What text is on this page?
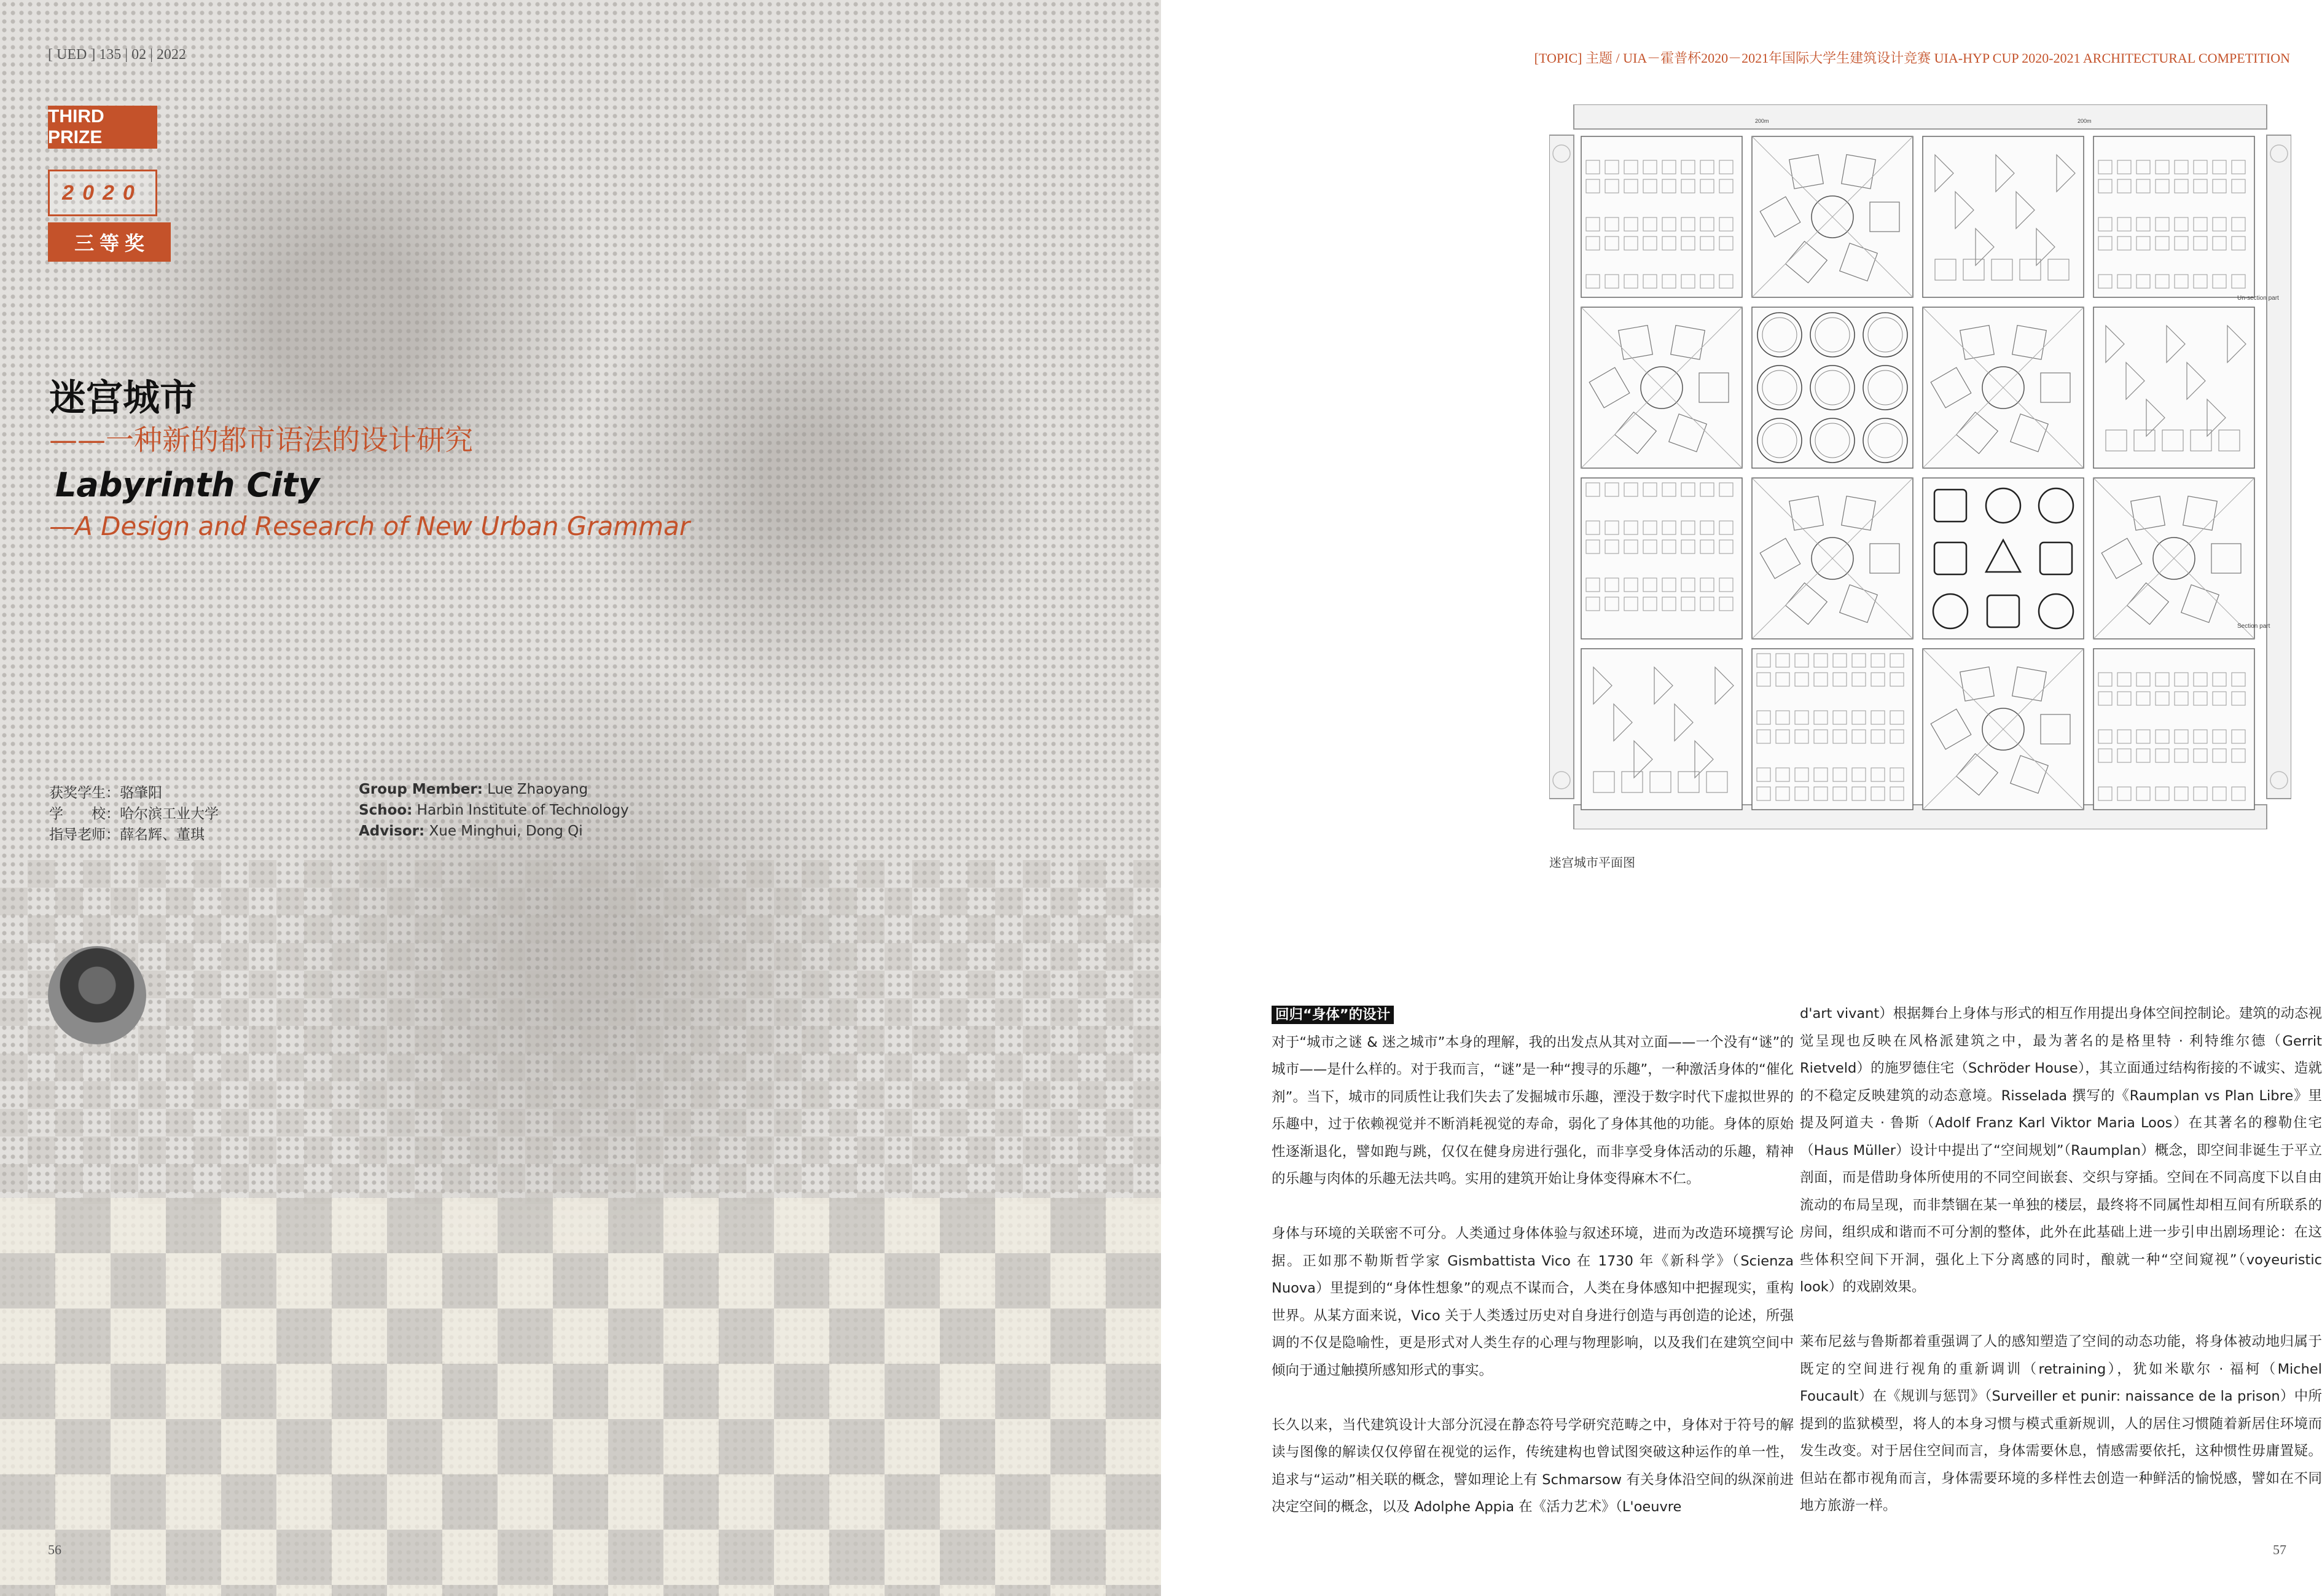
[ UED ] 135 | 02 | 2022
THIRD PRIZE
2020
三 等 奖
迷宫城市
——一种新的都市语法的设计研究
Labyrinth City
—A Design and Research of New Urban Grammar
获奖学生：骆肇阳
学　　校：哈尔滨工业大学
指导老师：薛名辉、董琪
Group Member: Lue Zhaoyang
Schoo: Harbin Institute of Technology
Advisor: Xue Minghui, Dong Qi
56
[TOPIC] 主题 / UIA－霍普杯2020－2021年国际大学生建筑设计竞赛 UIA-HYP CUP 2020-2021 ARCHITECTURAL COMPETITION
Un-section part
Section part
200m	200m
迷宫城市平面图
回归“身体”的设计

对于“城市之谜 & 迷之城市”本身的理解，我的出发点从其对立面——一个没有“谜”的城市——是什么样的。对于我而言，“谜”是一种“搜寻的乐趣”，一种激活身体的“催化剂”。当下，城市的同质性让我们失去了发掘城市乐趣，湮没于数字时代下虚拟世界的乐趣中，过于依赖视觉并不断消耗视觉的寿命，弱化了身体其他的功能。身体的原始性逐渐退化，譬如跑与跳，仅仅在健身房进行强化，而非享受身体活动的乐趣，精神的乐趣与肉体的乐趣无法共鸣。实用的建筑开始让身体变得麻木不仁。

身体与环境的关联密不可分。人类通过身体体验与叙述环境，进而为改造环境撰写论据。正如那不勒斯哲学家 Gismbattista Vico 在 1730 年《新科学》（Scienza Nuova）里提到的“身体性想象”的观点不谋而合，人类在身体感知中把握现实，重构世界。从某方面来说，Vico 关于人类透过历史对自身进行创造与再创造的论述，所强调的不仅是隐喻性，更是形式对人类生存的心理与物理影响，以及我们在建筑空间中倾向于通过触摸所感知形式的事实。

长久以来，当代建筑设计大部分沉浸在静态符号学研究范畴之中，身体对于符号的解读与图像的解读仅仅停留在视觉的运作，传统建构也曾试图突破这种运作的单一性，追求与“运动”相关联的概念，譬如理论上有 Schmarsow 有关身体沿空间的纵深前进决定空间的概念，以及 Adolphe Appia 在《活力艺术》（L'oeuvre

d'art vivant）根据舞台上身体与形式的相互作用提出身体空间控制论。建筑的动态视觉呈现也反映在风格派建筑之中，最为著名的是格里特 · 利特维尔德（Gerrit Rietveld）的施罗德住宅（Schröder House），其立面通过结构衔接的不诚实、造就的不稳定反映建筑的动态意境。Risselada 撰写的《Raumplan vs Plan Libre》里提及阿道夫 · 鲁斯（Adolf Franz Karl Viktor Maria Loos）在其著名的穆勒住宅（Haus Müller）设计中提出了“空间规划”（Raumplan）概念，即空间非诞生于平立剖面，而是借助身体所使用的不同空间嵌套、交织与穿插。空间在不同高度下以自由流动的布局呈现，而非禁锢在某一单独的楼层，最终将不同属性却相互间有所联系的房间，组织成和谐而不可分割的整体，此外在此基础上进一步引申出剧场理论：在这些体积空间下开洞，强化上下分离感的同时，酿就一种“空间窥视”（voyeuristic look）的戏剧效果。

莱布尼兹与鲁斯都着重强调了人的感知塑造了空间的动态功能，将身体被动地归属于既定的空间进行视角的重新调训（retraining），犹如米歇尔 · 福柯（Michel Foucault）在《规训与惩罚》（Surveiller et punir: naissance de la prison）中所提到的监狱模型，将人的本身习惯与模式重新规训，人的居住习惯随着新居住环境而发生改变。对于居住空间而言，身体需要休息，情感需要依托，这种惯性毋庸置疑。但站在都市视角而言，身体需要环境的多样性去创造一种鲜活的愉悦感，譬如在不同地方旅游一样。

57
